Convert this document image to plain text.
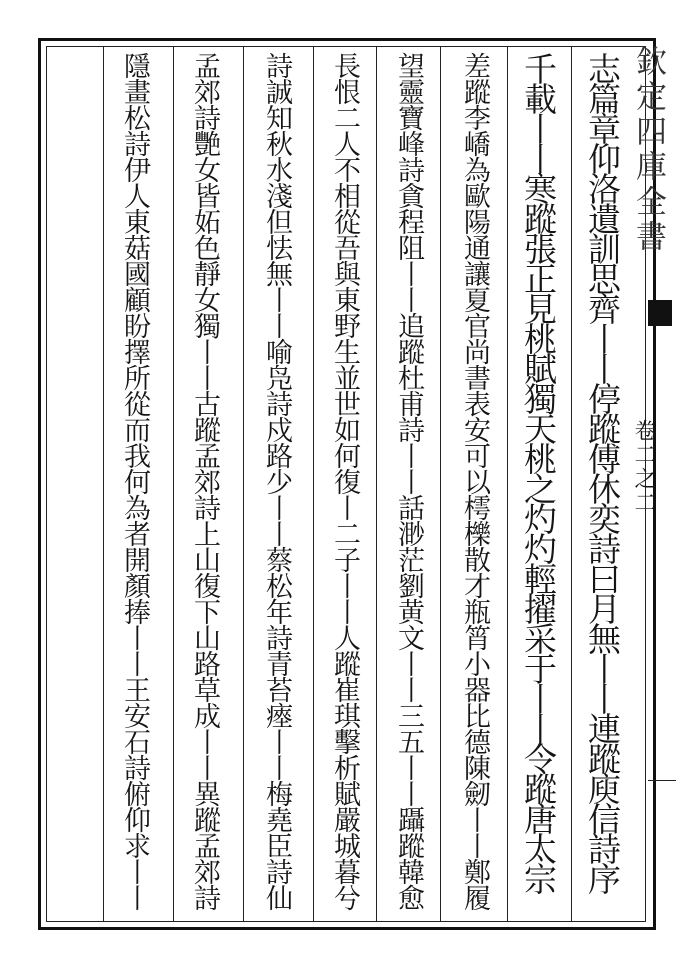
志篇章仰洛遺訓思齊丨丨停蹤傅休奕詩曰月無丨丨連蹤庾信詩序
千載丨丨寒蹤張正見桃賦獨天桃之灼灼輕擢采于丨丨令蹤唐太宗
差蹤李嶠為歐陽通讓夏官尚書表安可以樗櫟散才瓶筲小器比德陳劒丨丨鄭履
望靈寶峰詩貪程阻丨丨追蹤杜甫詩丨丨話渺茫劉黄文丨丨三五丨丨躡蹤韓愈
長恨二人不相從吾與東野生並世如何復丨二子丨丨人蹤崔琪擊析賦嚴城暮兮
詩誠知秋水淺但怯無丨丨喻凫詩戍路少丨丨蔡松年詩青苔瘞丨丨梅堯臣詩仙
孟郊詩艷女皆妬色靜女獨丨丨古蹤孟郊詩上山復下山路草成丨丨異蹤孟郊詩
隱畫松詩伊人東菇國顧盼擇所從而我何為者開顏捧丨丨王安石詩俯仰求丨丨
欽定四庫全書
卷二之二
